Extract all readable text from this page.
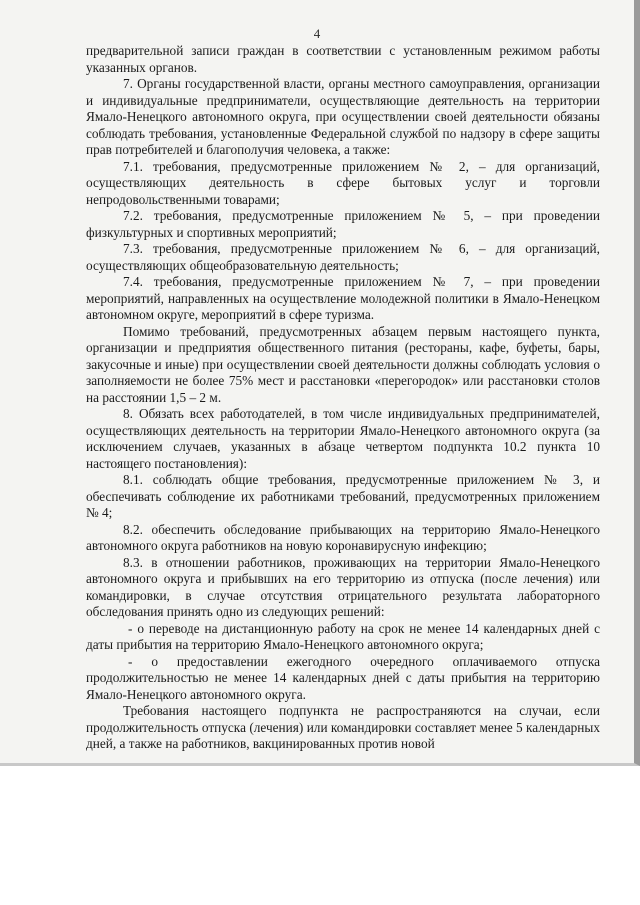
4

предварительной записи граждан в соответствии с установленным режимом работы указанных органов.

7. Органы государственной власти, органы местного самоуправления, организации и индивидуальные предприниматели, осуществляющие деятельность на территории Ямало-Ненецкого автономного округа, при осуществлении своей деятельности обязаны соблюдать требования, установленные Федеральной службой по надзору в сфере защиты прав потребителей и благополучия человека, а также:

7.1. требования, предусмотренные приложением № 2, – для организаций, осуществляющих деятельность в сфере бытовых услуг и торговли непродовольственными товарами;

7.2. требования, предусмотренные приложением № 5, – при проведении физкультурных и спортивных мероприятий;

7.3. требования, предусмотренные приложением № 6, – для организаций, осуществляющих общеобразовательную деятельность;

7.4. требования, предусмотренные приложением № 7, – при проведении мероприятий, направленных на осуществление молодежной политики в Ямало-Ненецком автономном округе, мероприятий в сфере туризма.

Помимо требований, предусмотренных абзацем первым настоящего пункта, организации и предприятия общественного питания (рестораны, кафе, буфеты, бары, закусочные и иные) при осуществлении своей деятельности должны соблюдать условия о заполняемости не более 75% мест и расстановки «перегородок» или расстановки столов на расстоянии 1,5 – 2 м.

8. Обязать всех работодателей, в том числе индивидуальных предпринимателей, осуществляющих деятельность на территории Ямало-Ненецкого автономного округа (за исключением случаев, указанных в абзаце четвертом подпункта 10.2 пункта 10 настоящего постановления):

8.1. соблюдать общие требования, предусмотренные приложением № 3, и обеспечивать соблюдение их работниками требований, предусмотренных приложением № 4;

8.2. обеспечить обследование прибывающих на территорию Ямало-Ненецкого автономного округа работников на новую коронавирусную инфекцию;

8.3. в отношении работников, проживающих на территории Ямало-Ненецкого автономного округа и прибывших на его территорию из отпуска (после лечения) или командировки, в случае отсутствия отрицательного результата лабораторного обследования принять одно из следующих решений:

- о переводе на дистанционную работу на срок не менее 14 календарных дней с даты прибытия на территорию Ямало-Ненецкого автономного округа;

- о предоставлении ежегодного очередного оплачиваемого отпуска продолжительностью не менее 14 календарных дней с даты прибытия на территорию Ямало-Ненецкого автономного округа.

Требования настоящего подпункта не распространяются на случаи, если продолжительность отпуска (лечения) или командировки составляет менее 5 календарных дней, а также на работников, вакцинированных против новой
